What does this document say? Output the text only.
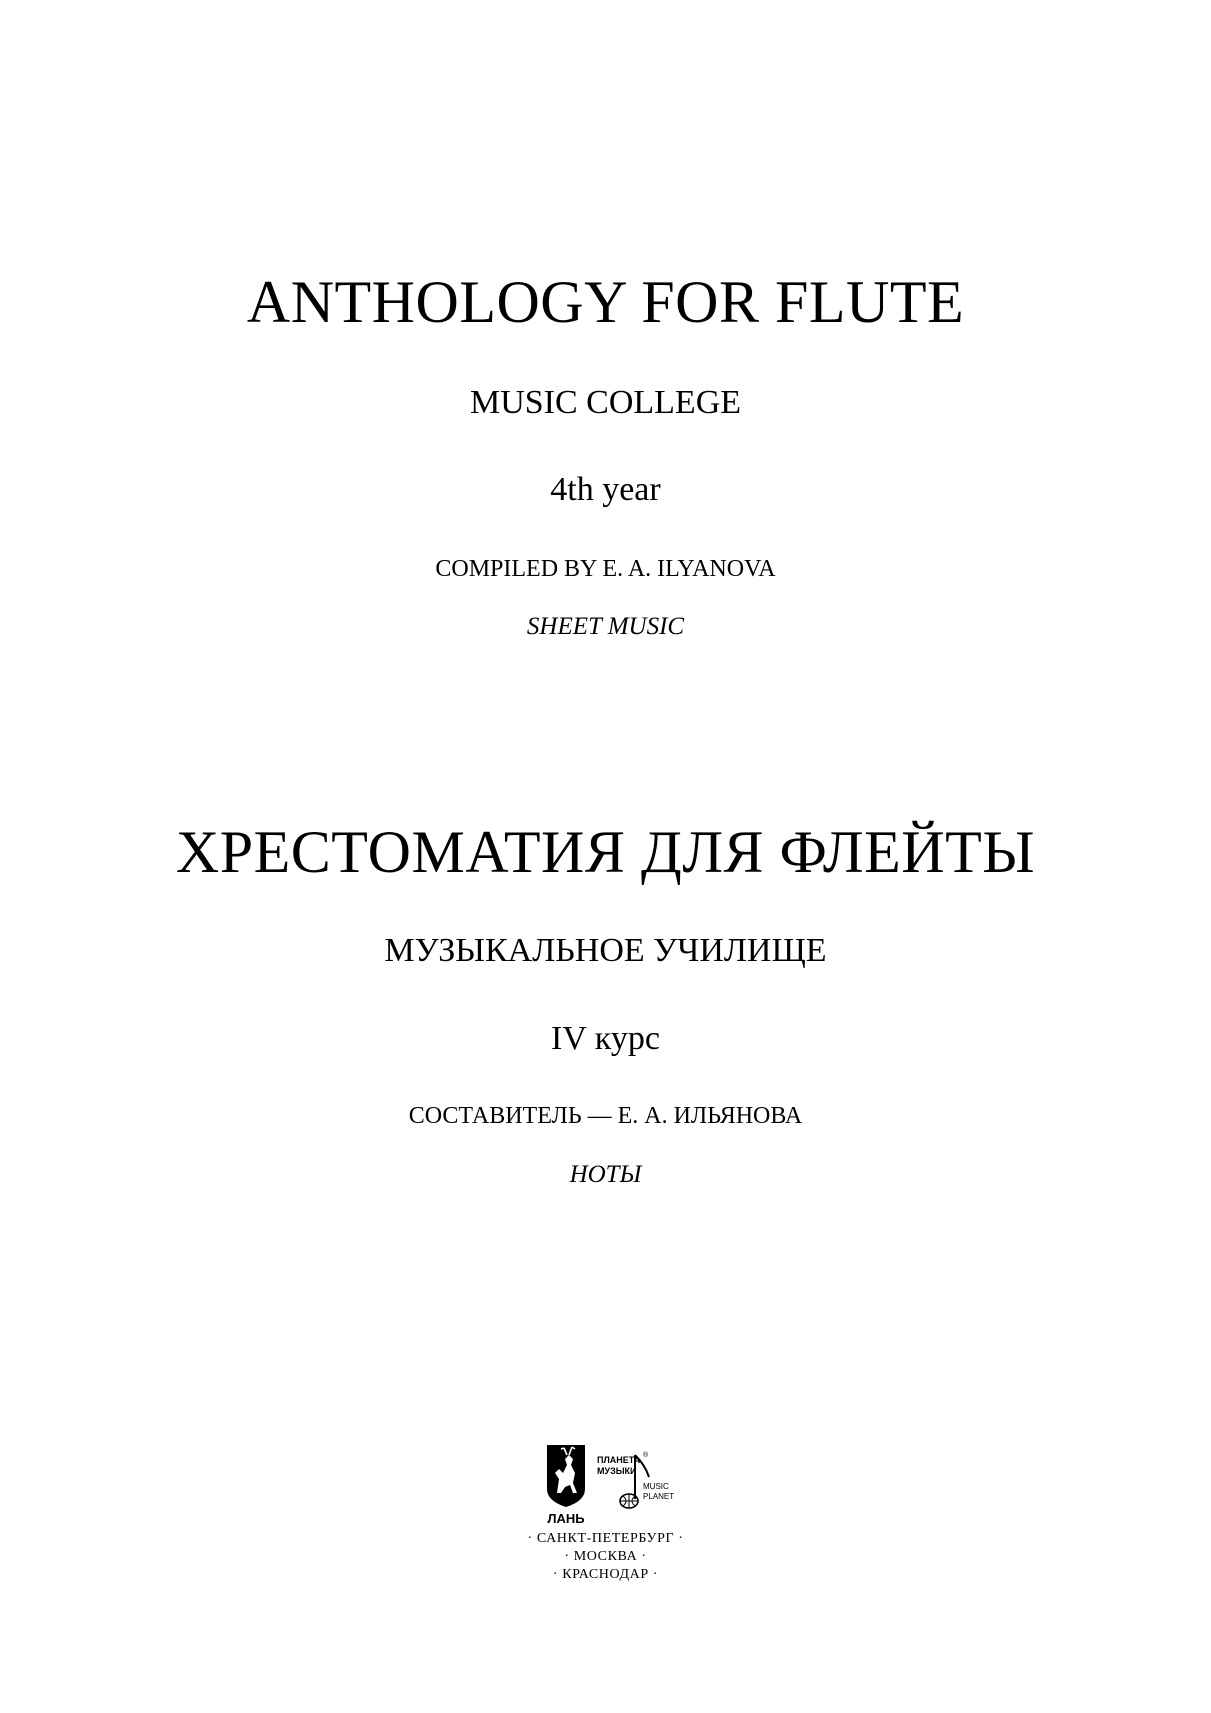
ANTHOLOGY FOR FLUTE
MUSIC COLLEGE
4th year
COMPILED BY E. A. ILYANOVA
SHEET MUSIC
ХРЕСТОМАТИЯ ДЛЯ ФЛЕЙТЫ
МУЗЫКАЛЬНОЕ УЧИЛИЩЕ
IV курс
СОСТАВИТЕЛЬ — Е. А. ИЛЬЯНОВА
НОТЫ
ЛАНЬ
ПЛАНЕТА
МУЗЫКИ
®
MUSIC
PLANET
· САНКТ-ПЕТЕРБУРГ ·
· МОСКВА ·
· КРАСНОДАР ·
